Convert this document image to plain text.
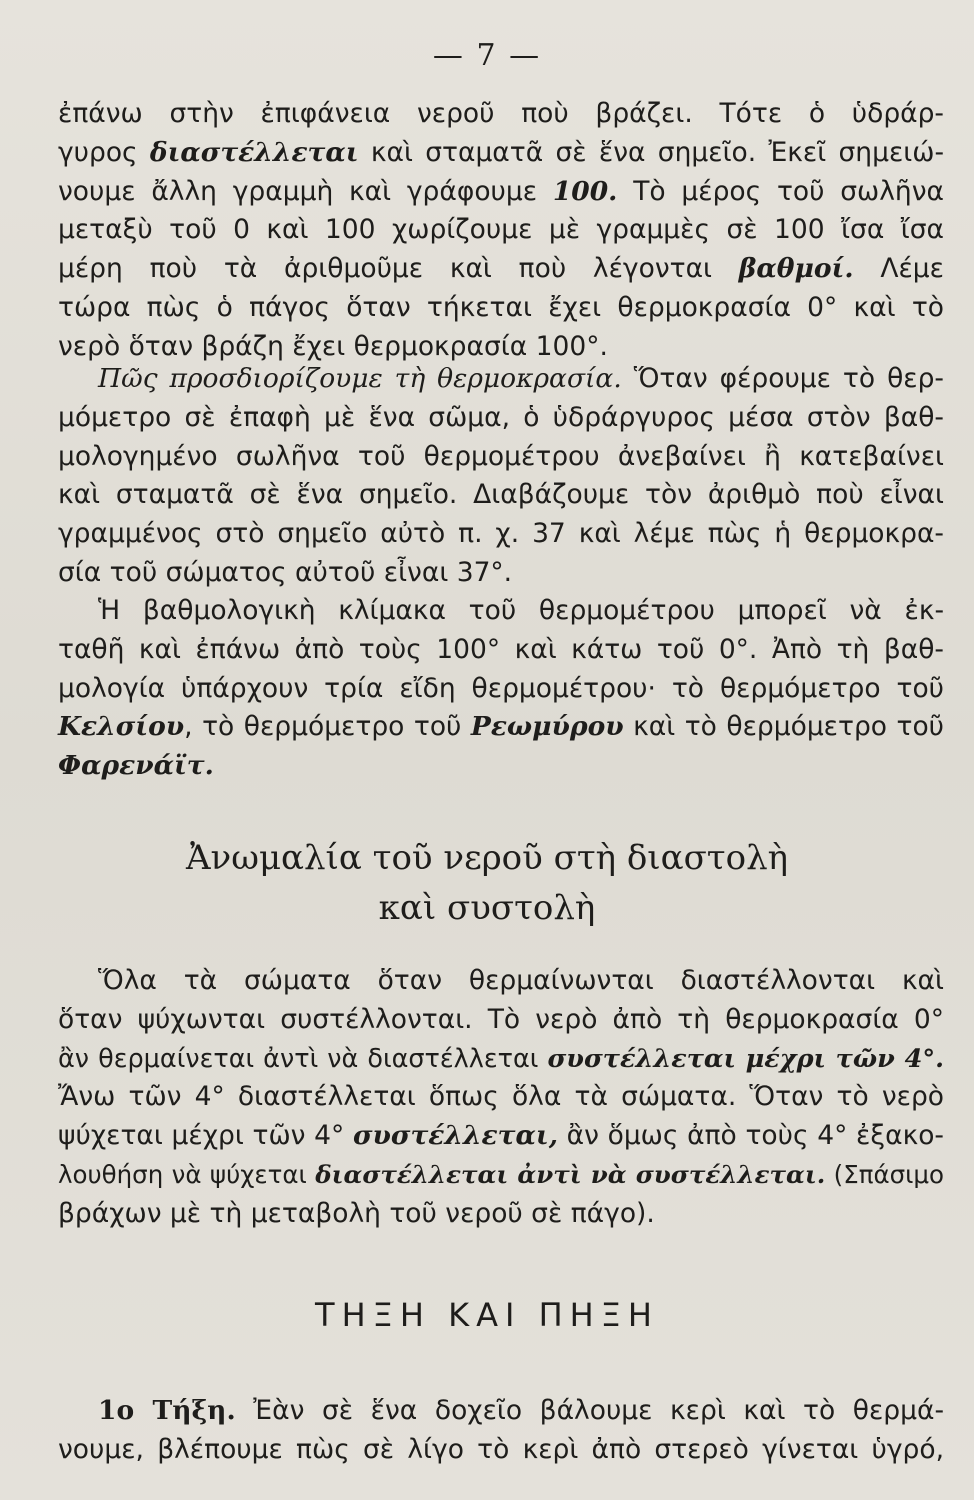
— 7 —
ἐπάνω στὴν ἐπιφάνεια νεροῦ ποὺ βράζει. Τότε ὁ ὑδράρ-
γυρος διαστέλλεται καὶ σταματᾶ σὲ ἕνα σημεῖο. Ἐκεῖ σημειώ-
νουμε ἄλλη γραμμὴ καὶ γράφουμε 100. Τὸ μέρος τοῦ σωλῆνα
μεταξὺ τοῦ 0 καὶ 100 χωρίζουμε μὲ γραμμὲς σὲ 100 ἴσα ἴσα
μέρη ποὺ τὰ ἀριθμοῦμε καὶ ποὺ λέγονται βαθμοί. Λέμε
τώρα πὼς ὁ πάγος ὅταν τήκεται ἔχει θερμοκρασία 0° καὶ τὸ
νερὸ ὅταν βράζη ἔχει θερμοκρασία 100°.
Πῶς προσδιορίζουμε τὴ θερμοκρασία. Ὅταν φέρουμε τὸ θερ-
μόμετρο σὲ ἐπαφὴ μὲ ἕνα σῶμα, ὁ ὑδράργυρος μέσα στὸν βαθ-
μολογημένο σωλῆνα τοῦ θερμομέτρου ἀνεβαίνει ἢ κατεβαίνει
καὶ σταματᾶ σὲ ἕνα σημεῖο. Διαβάζουμε τὸν ἀριθμὸ ποὺ εἶναι
γραμμένος στὸ σημεῖο αὐτὸ π. χ. 37 καὶ λέμε πὼς ἡ θερμοκρα-
σία τοῦ σώματος αὐτοῦ εἶναι 37°.
Ἡ βαθμολογικὴ κλίμακα τοῦ θερμομέτρου μπορεῖ νὰ ἐκ-
ταθῆ καὶ ἐπάνω ἀπὸ τοὺς 100° καὶ κάτω τοῦ 0°. Ἀπὸ τὴ βαθ-
μολογία ὑπάρχουν τρία εἴδη θερμομέτρου· τὸ θερμόμετρο τοῦ
Κελσίου, τὸ θερμόμετρο τοῦ Ρεωμύρου καὶ τὸ θερμόμετρο τοῦ
Φαρενάϊτ.
Ἀνωμαλία τοῦ νεροῦ στὴ διαστολὴ
καὶ συστολὴ
Ὅλα τὰ σώματα ὅταν θερμαίνωνται διαστέλλονται καὶ
ὅταν ψύχωνται συστέλλονται. Τὸ νερὸ ἀπὸ τὴ θερμοκρασία 0°
ἂν θερμαίνεται ἀντὶ νὰ διαστέλλεται συστέλλεται μέχρι τῶν 4°.
Ἄνω τῶν 4° διαστέλλεται ὅπως ὅλα τὰ σώματα. Ὅταν τὸ νερὸ
ψύχεται μέχρι τῶν 4° συστέλλεται, ἂν ὅμως ἀπὸ τοὺς 4° ἐξακο-
λουθήση νὰ ψύχεται διαστέλλεται ἀντὶ νὰ συστέλλεται. (Σπάσιμο
βράχων μὲ τὴ μεταβολὴ τοῦ νεροῦ σὲ πάγο).
ΤΗΞΗ ΚΑΙ ΠΗΞΗ
1ο Τήξη. Ἐὰν σὲ ἕνα δοχεῖο βάλουμε κερὶ καὶ τὸ θερμά-
νουμε, βλέπουμε πὼς σὲ λίγο τὸ κερὶ ἀπὸ στερεὸ γίνεται ὑγρό,
